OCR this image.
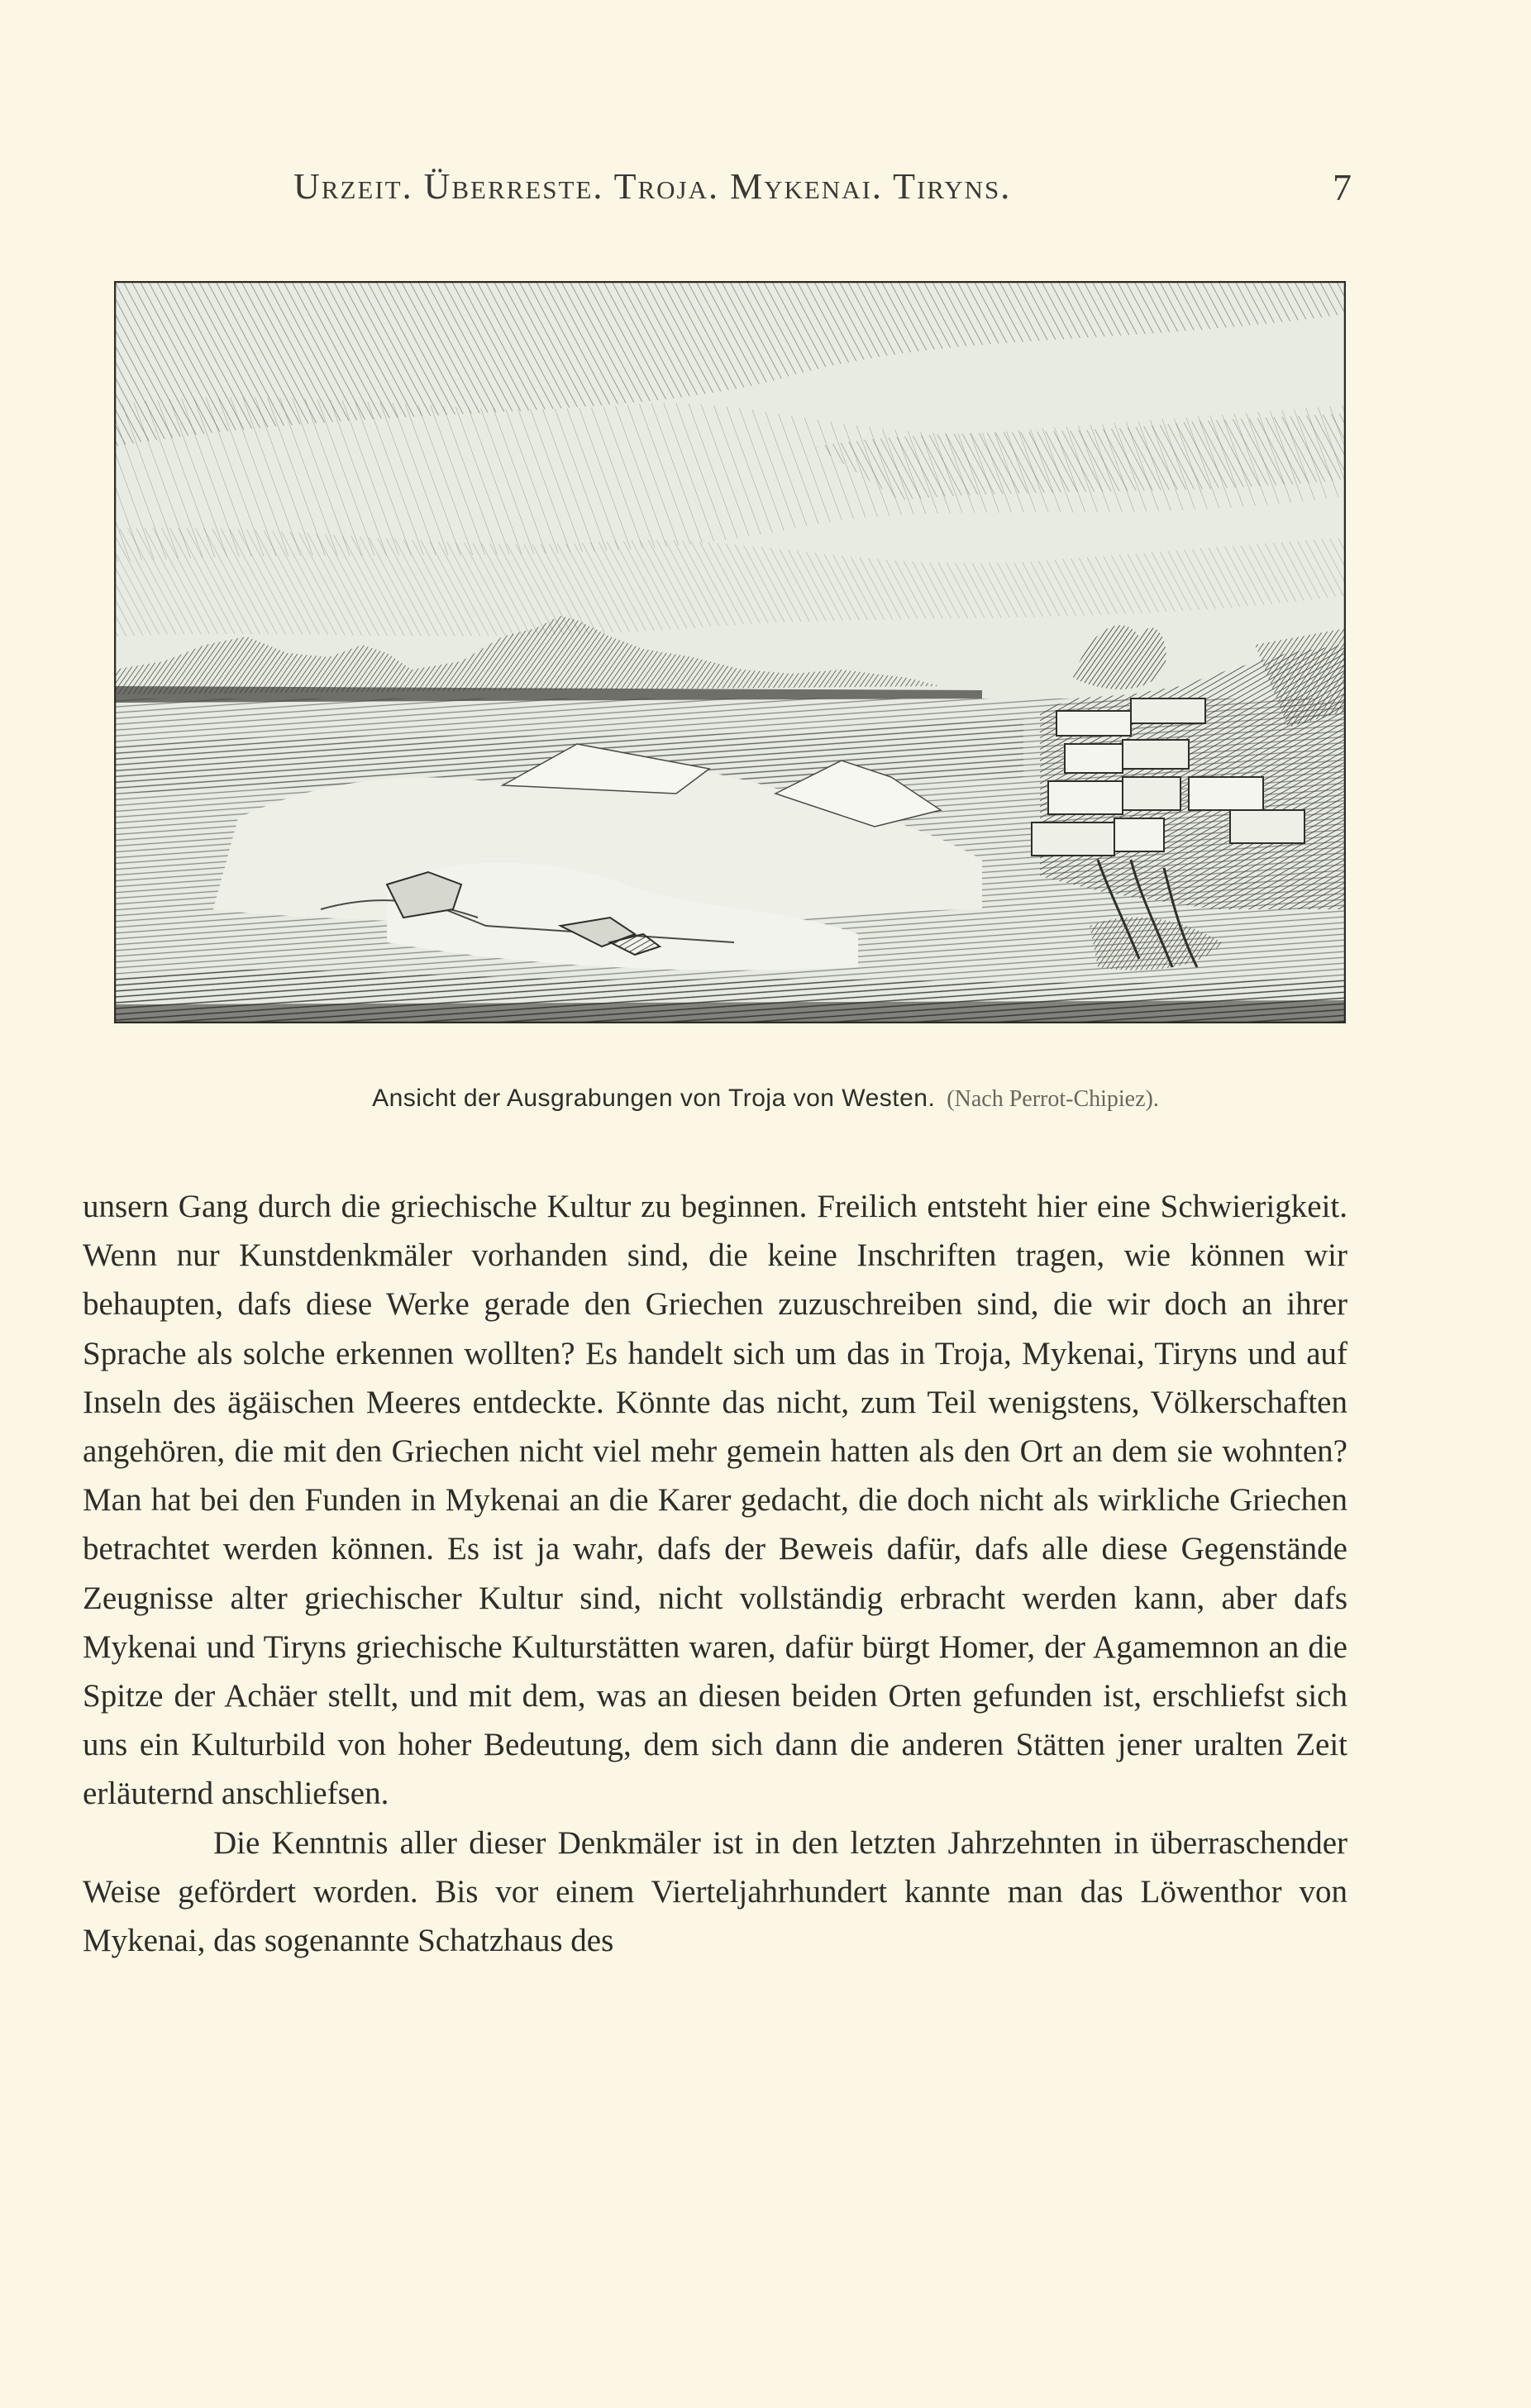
Urzeit. Überreste. Troja. Mykenai. Tiryns.	7
Ansicht der Ausgrabungen von Troja von Westen. (Nach Perrot-Chipiez).

unsern Gang durch die griechische Kultur zu beginnen. Freilich entsteht hier eine Schwierigkeit. Wenn nur Kunstdenkmäler vorhanden sind, die keine Inschriften tragen, wie können wir behaupten, dafs diese Werke gerade den Griechen zuzuschreiben sind, die wir doch an ihrer Sprache als solche erkennen wollten? Es handelt sich um das in Troja, Mykenai, Tiryns und auf Inseln des ägäischen Meeres entdeckte. Könnte das nicht, zum Teil wenigstens, Völkerschaften angehören, die mit den Griechen nicht viel mehr gemein hatten als den Ort an dem sie wohnten? Man hat bei den Funden in Mykenai an die Karer gedacht, die doch nicht als wirkliche Griechen betrachtet werden können. Es ist ja wahr, dafs der Beweis dafür, dafs alle diese Gegenstände Zeugnisse alter griechischer Kultur sind, nicht vollständig erbracht werden kann, aber dafs Mykenai und Tiryns griechische Kulturstätten waren, dafür bürgt Homer, der Agamemnon an die Spitze der Achäer stellt, und mit dem, was an diesen beiden Orten gefunden ist, erschliefst sich uns ein Kulturbild von hoher Bedeutung, dem sich dann die anderen Stätten jener uralten Zeit erläuternd anschliefsen.

Die Kenntnis aller dieser Denkmäler ist in den letzten Jahrzehnten in überraschender Weise gefördert worden. Bis vor einem Vierteljahrhundert kannte man das Löwenthor von Mykenai, das sogenannte Schatzhaus des
